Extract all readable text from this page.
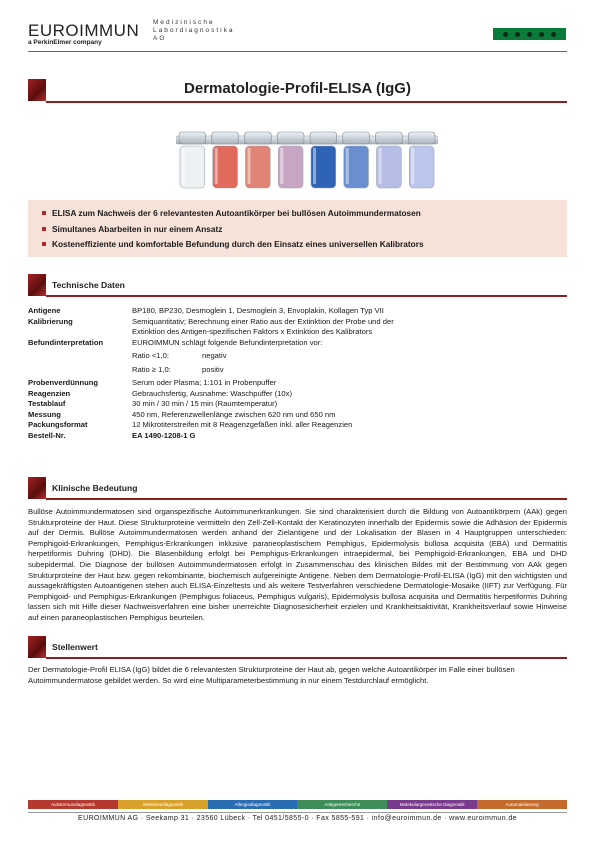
EUROIMMUN
a PerkinElmer company
Medizinische
Labordiagnostika
AG
Dermatologie-Profil-ELISA (IgG)
ELISA zum Nachweis der 6 relevantesten Autoantikörper bei bullösen Autoimmundermatosen
Simultanes Abarbeiten in nur einem Ansatz
Kosteneffiziente und komfortable Befundung durch den Einsatz eines universellen Kalibrators
Technische Daten
Antigene	BP180, BP230, Desmoglein 1, Desmoglein 3, Envoplakin, Kollagen Typ VII
Kalibrierung	Semiquantitativ; Berechnung einer Ratio aus der Extinktion der Probe und der
Extinktion des Antigen-spezifischen Faktors x Extinktion des Kalibrators
Befundinterpretation	EUROIMMUN schlägt folgende Befundinterpretation vor:
Ratio <1,0:	negativ
Ratio ≥ 1,0:	positiv
Probenverdünnung	Serum oder Plasma; 1:101 in Probenpuffer
Reagenzien	Gebrauchsfertig, Ausnahme: Waschpuffer (10x)
Testablauf	30 min / 30 min / 15 min (Raumtemperatur)
Messung	450 nm, Referenzwellenlänge zwischen 620 nm und 650 nm
Packungsformat	12 Mikrotiterstreifen mit 8 Reagenzgefäßen inkl. aller Reagenzien
Bestell-Nr.	EA 1490-1208-1 G
Klinische Bedeutung
Bullöse Autoimmundermatosen sind organspezifische Autoimmunerkrankungen. Sie sind charakterisiert durch die Bildung von Autoantikörpern (AAk) gegen Strukturproteine der Haut. Diese Strukturproteine vermitteln den Zell-Zell-Kontakt der Keratinozyten innerhalb der Epidermis sowie die Adhäsion der Epidermis auf der Dermis. Bullöse Autoimmundermatosen werden anhand der Zielantigene und der Lokalisation der Blasen in 4 Hauptgruppen unterschieden: Pemphigoid-Erkrankungen, Pemphigus-Erkrankungen inklusive paraneoplastischem Pemphigus, Epidermolysis bullosa acquisita (EBA) und Dermatitis herpetiformis Duhring (DHD). Die Blasenbildung erfolgt bei Pemphigus-Erkrankungen intraepidermal, bei Pemphigoid-Erkrankungen, EBA und DHD subepidermal. Die Diagnose der bullösen Autoimmundermatosen erfolgt in Zusammenschau des klinischen Bildes mit der Bestimmung von AAk gegen Strukturproteine der Haut bzw. gegen rekombinante, biochemisch aufgereinigte Antigene. Neben dem Dermatologie-Profil-ELISA (IgG) mit den wichtigsten und aussagekräftigsten Autoantigenen stehen auch ELISA-Einzeltests und als weitere Testverfahren verschiedene Dermatologie-Mosaike (IIFT) zur Verfügung. Für Pemphigoid- und Pemphigus-Erkrankungen (Pemphigus foliaceus, Pemphigus vulgaris), Epidermolysis bullosa acquisita und Dermatitis herpetiformis Duhring lassen sich mit Hilfe dieser Nachweisverfahren eine bisher unerreichte Diagnosesicherheit erzielen und Krankheitsaktivität, Krankheitsverlauf sowie Hinweise auf einen paraneoplastischen Pemphigus beurteilen.
Stellenwert
Der Dermatologie-Profil ELISA (IgG) bildet die 6 relevantesten Strukturproteine der Haut ab, gegen welche Autoantikörper im Falle einer bullösen Autoimmundermatose gebildet werden. So wird eine Multiparameterbestimmung in nur einem Testdurchlauf ermöglicht.
Autoimmundiagnostik	Infektionsdiagnostik	Allergiediagnostik	Antigenrecherche	Molekulargenetische Diagnostik	Automatisierung
EUROIMMUN AG · Seekamp 31 · 23560 Lübeck · Tel 0451/5855-0 · Fax 5855-591 · info@euroimmun.de · www.euroimmun.de
